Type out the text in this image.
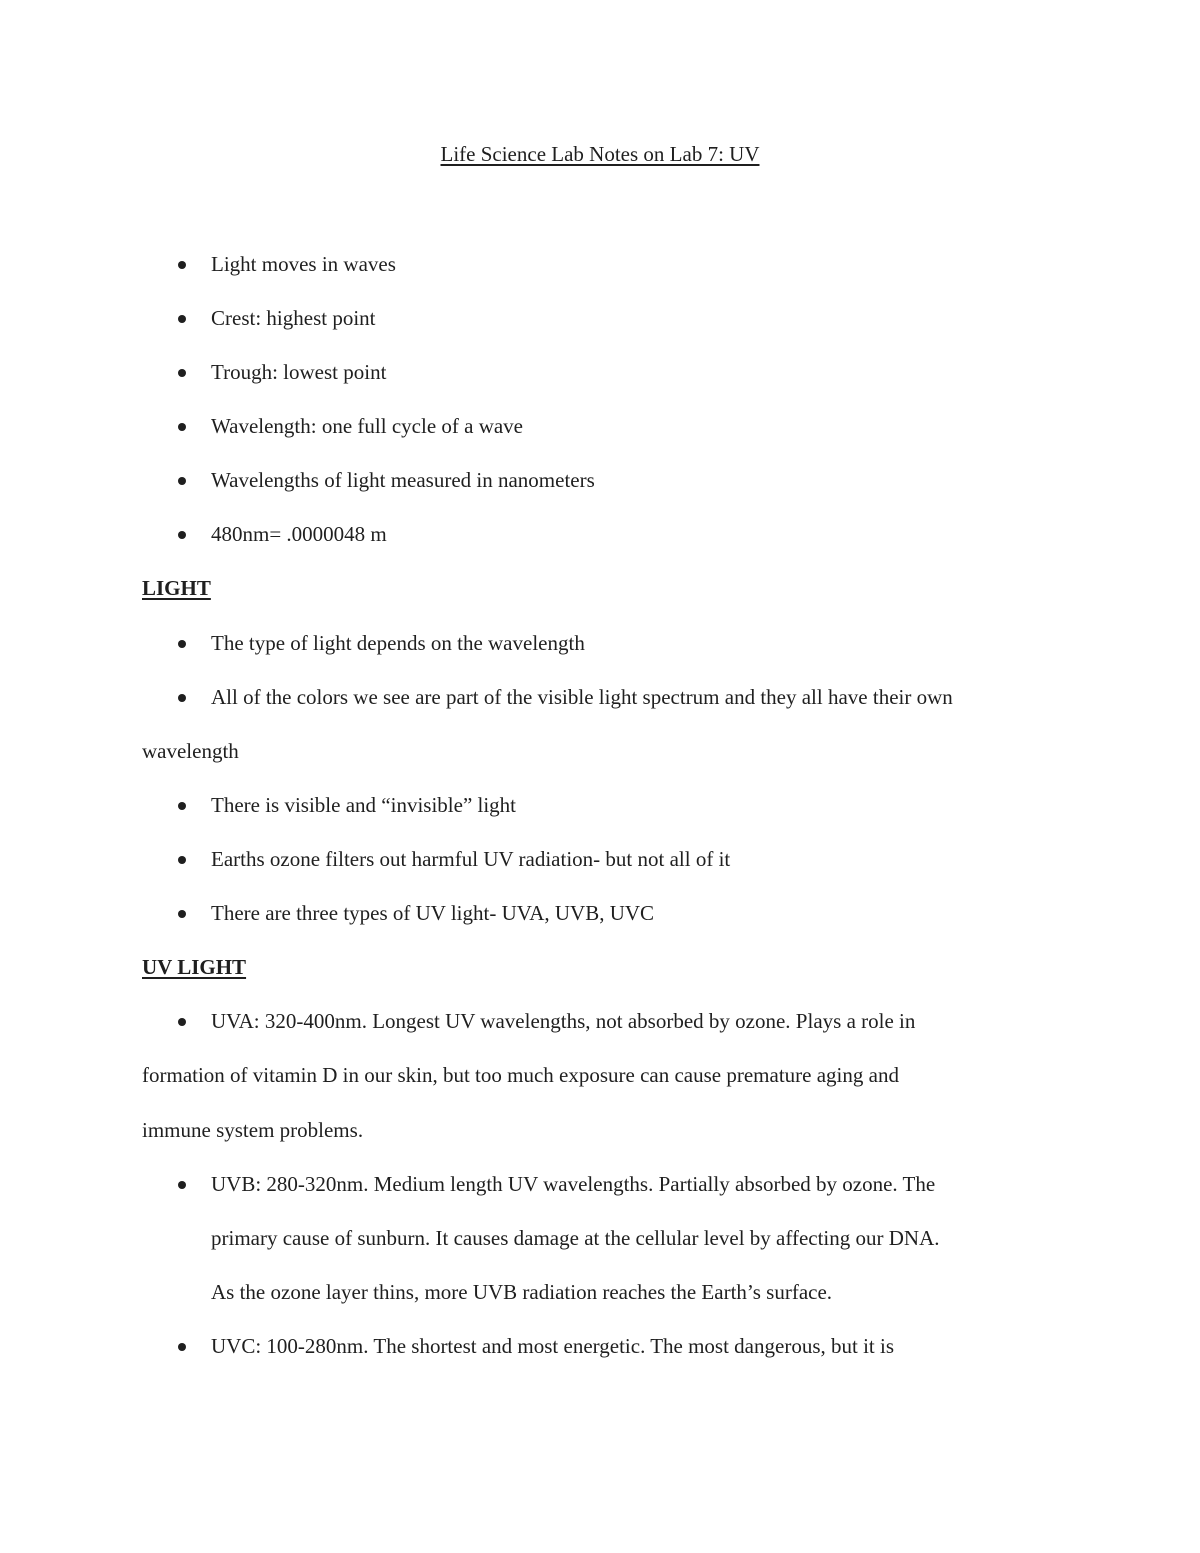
Life Science Lab Notes on Lab 7: UV
Light moves in waves
Crest: highest point
Trough: lowest point
Wavelength: one full cycle of a wave
Wavelengths of light measured in nanometers
480nm= .0000048 m
LIGHT
The type of light depends on the wavelength
All of the colors we see are part of the visible light spectrum and they all have their own
wavelength
There is visible and “invisible” light
Earths ozone filters out harmful UV radiation- but not all of it
There are three types of UV light- UVA, UVB, UVC
UV LIGHT
UVA: 320-400nm. Longest UV wavelengths, not absorbed by ozone. Plays a role in
formation of vitamin D in our skin, but too much exposure can cause premature aging and
immune system problems.
UVB: 280-320nm. Medium length UV wavelengths. Partially absorbed by ozone. The
primary cause of sunburn. It causes damage at the cellular level by affecting our DNA.
As the ozone layer thins, more UVB radiation reaches the Earth’s surface.
UVC: 100-280nm. The shortest and most energetic. The most dangerous, but it is
